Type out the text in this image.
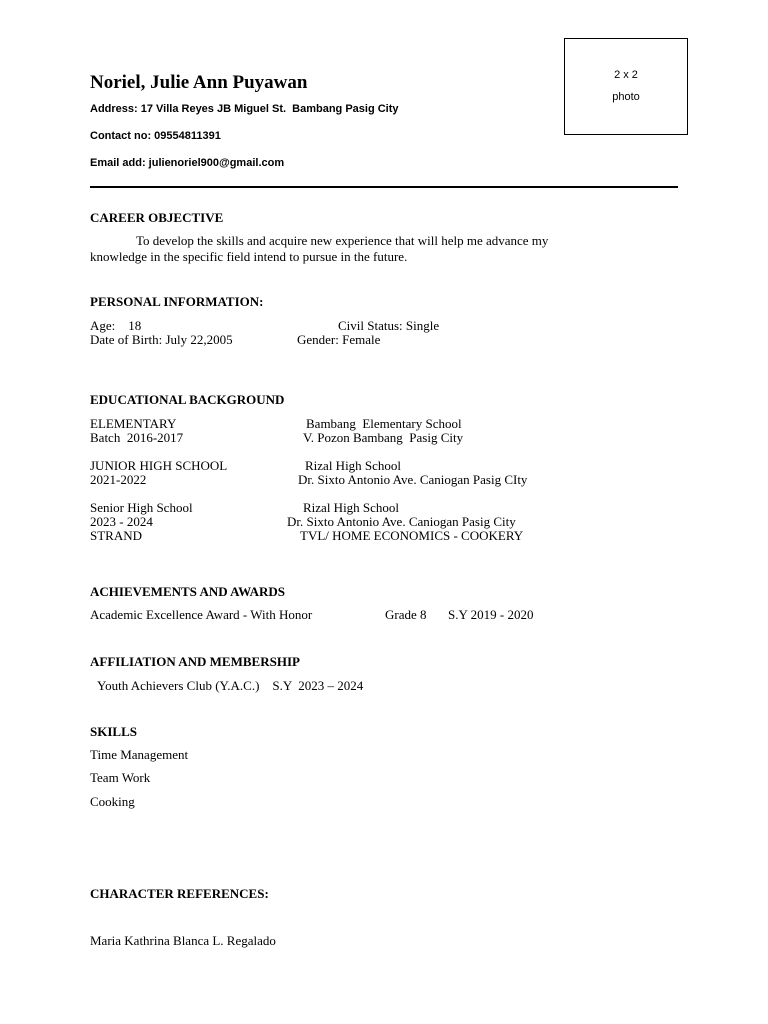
Noriel, Julie Ann Puyawan
Address: 17 Villa Reyes JB Miguel St.  Bambang Pasig City
Contact no: 09554811391
Email add: julienoriel900@gmail.com
2 x 2
photo
CAREER OBJECTIVE
To develop the skills and acquire new experience that will help me advance my
knowledge in the specific field intend to pursue in the future.
PERSONAL INFORMATION:
Age:    18	Civil Status: Single
Date of Birth: July 22,2005	Gender: Female
EDUCATIONAL BACKGROUND
ELEMENTARY	Bambang  Elementary School
Batch  2016-2017	V. Pozon Bambang  Pasig City
JUNIOR HIGH SCHOOL	Rizal High School
2021-2022	Dr. Sixto Antonio Ave. Caniogan Pasig CIty
Senior High School	Rizal High School
2023 - 2024	Dr. Sixto Antonio Ave. Caniogan Pasig City
STRAND	TVL/ HOME ECONOMICS - COOKERY
ACHIEVEMENTS AND AWARDS
Academic Excellence Award - With Honor	Grade 8 S.Y 2019 - 2020
AFFILIATION AND MEMBERSHIP
Youth Achievers Club (Y.A.C.)    S.Y  2023 – 2024
SKILLS
Time Management
Team Work
Cooking
CHARACTER REFERENCES:
Maria Kathrina Blanca L. Regalado
